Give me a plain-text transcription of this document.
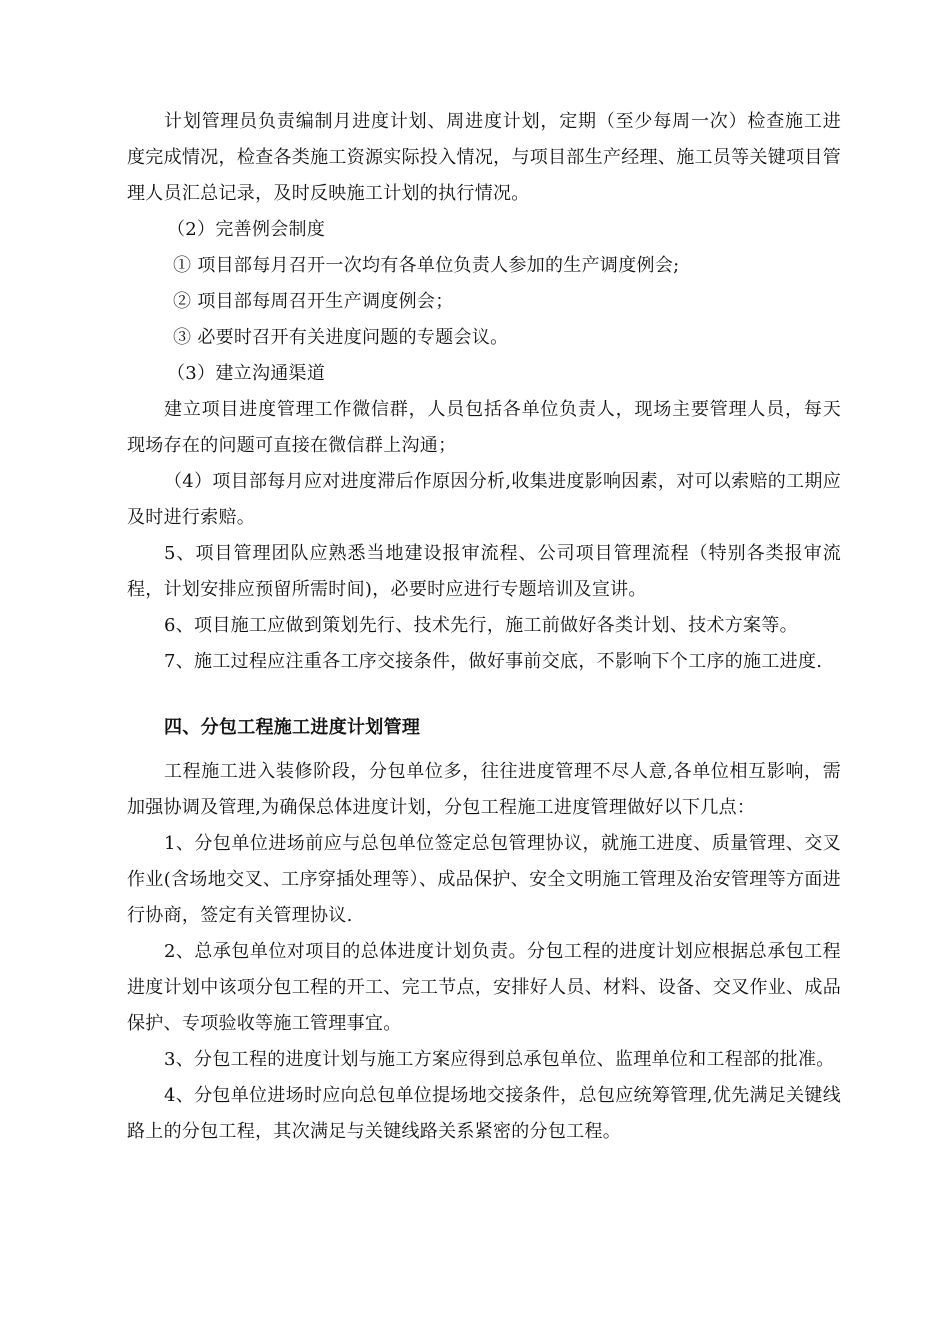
计划管理员负责编制月进度计划、周进度计划，定期（至少每周一次）检查施工进度完成情况，检查各类施工资源实际投入情况，与项目部生产经理、施工员等关键项目管理人员汇总记录，及时反映施工计划的执行情况。

（2）完善例会制度

① 项目部每月召开一次均有各单位负责人参加的生产调度例会;

② 项目部每周召开生产调度例会；

③ 必要时召开有关进度问题的专题会议。

（3）建立沟通渠道

建立项目进度管理工作微信群，人员包括各单位负责人，现场主要管理人员，每天现场存在的问题可直接在微信群上沟通；

（4）项目部每月应对进度滞后作原因分析,收集进度影响因素，对可以索赔的工期应及时进行索赔。

5、项目管理团队应熟悉当地建设报审流程、公司项目管理流程（特别各类报审流程，计划安排应预留所需时间)，必要时应进行专题培训及宣讲。

6、项目施工应做到策划先行、技术先行，施工前做好各类计划、技术方案等。

7、施工过程应注重各工序交接条件，做好事前交底，不影响下个工序的施工进度.

四、分包工程施工进度计划管理

工程施工进入装修阶段，分包单位多，往往进度管理不尽人意,各单位相互影响，需加强协调及管理,为确保总体进度计划，分包工程施工进度管理做好以下几点：

1、分包单位进场前应与总包单位签定总包管理协议，就施工进度、质量管理、交叉作业(含场地交叉、工序穿插处理等）、成品保护、安全文明施工管理及治安管理等方面进行协商，签定有关管理协议.

2、总承包单位对项目的总体进度计划负责。分包工程的进度计划应根据总承包工程进度计划中该项分包工程的开工、完工节点，安排好人员、材料、设备、交叉作业、成品保护、专项验收等施工管理事宜。

3、分包工程的进度计划与施工方案应得到总承包单位、监理单位和工程部的批准。

4、分包单位进场时应向总包单位提场地交接条件，总包应统筹管理,优先满足关键线路上的分包工程，其次满足与关键线路关系紧密的分包工程。
